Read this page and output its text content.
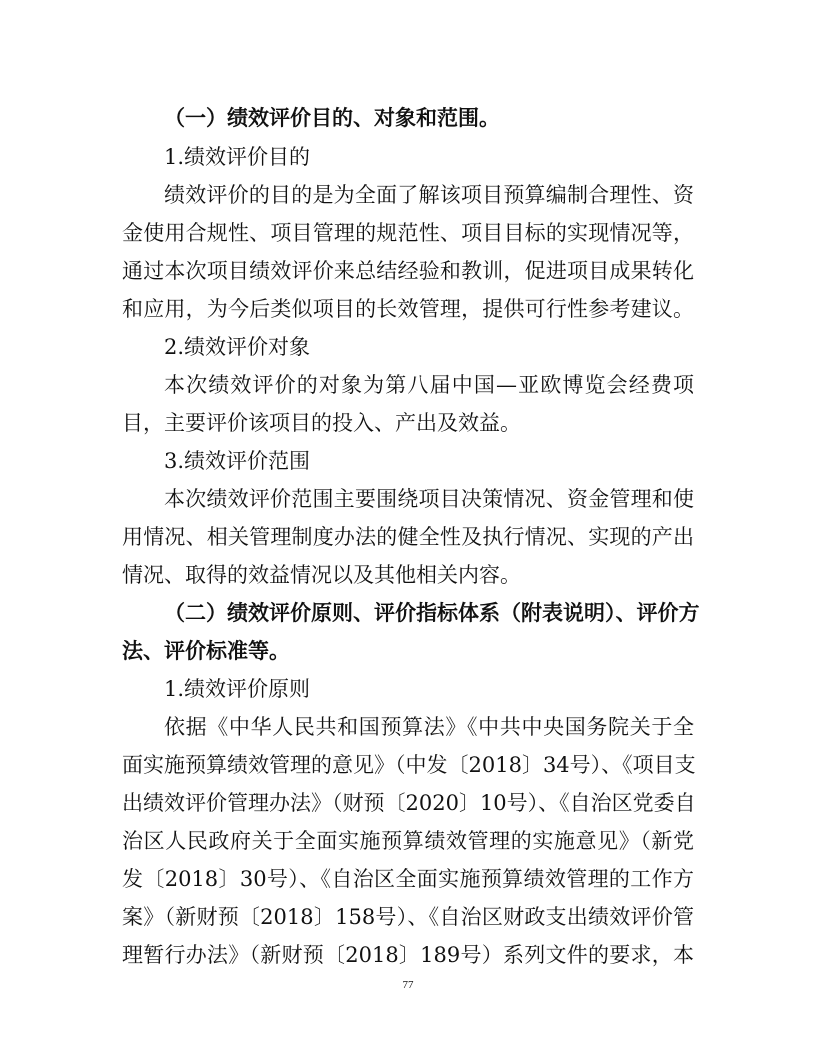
（一）绩效评价目的、对象和范围。
1.绩效评价目的
绩效评价的目的是为全面了解该项目预算编制合理性、资
金使用合规性、项目管理的规范性、项目目标的实现情况等，
通过本次项目绩效评价来总结经验和教训，促进项目成果转化
和应用，为今后类似项目的长效管理，提供可行性参考建议。
2.绩效评价对象
本次绩效评价的对象为第八届中国—亚欧博览会经费项
目，主要评价该项目的投入、产出及效益。
3.绩效评价范围
本次绩效评价范围主要围绕项目决策情况、资金管理和使
用情况、相关管理制度办法的健全性及执行情况、实现的产出
情况、取得的效益情况以及其他相关内容。
（二）绩效评价原则、评价指标体系（附表说明）、评价方
法、评价标准等。
1.绩效评价原则
依据《中华人民共和国预算法》《中共中央国务院关于全
面实施预算绩效管理的意见》（中发〔2018〕34号）、《项目支
出绩效评价管理办法》（财预〔2020〕10号）、《自治区党委自
治区人民政府关于全面实施预算绩效管理的实施意见》（新党
发〔2018〕30号）、《自治区全面实施预算绩效管理的工作方
案》（新财预〔2018〕158号）、《自治区财政支出绩效评价管
理暂行办法》（新财预〔2018〕189号）系列文件的要求，本
77
